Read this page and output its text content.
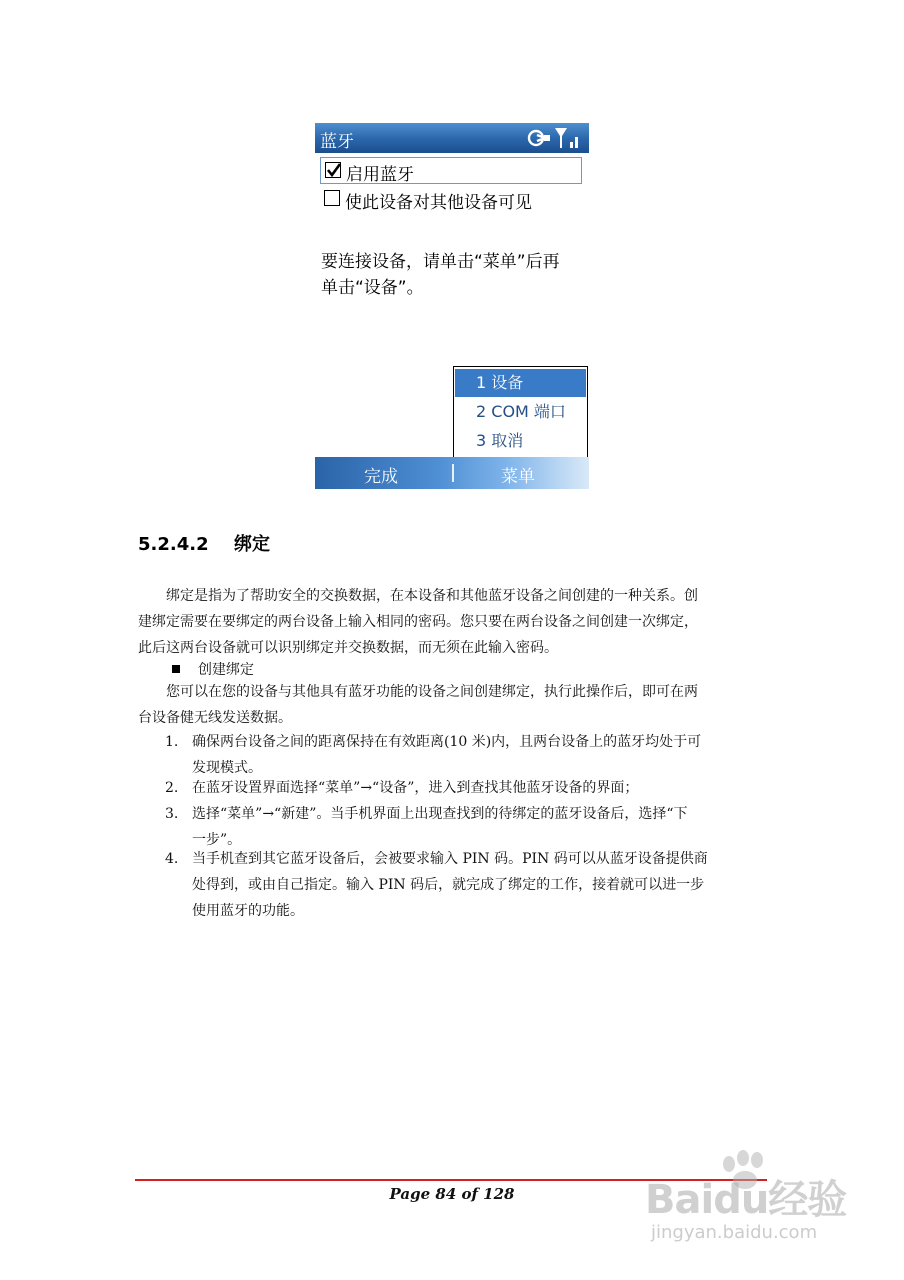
蓝牙
启用蓝牙
使此设备对其他设备可见
要连接设备，请单击“菜单”后再
单击“设备”。
1 设备
2 COM 端口
3 取消
完成	菜单
5.2.4.2 绑定
绑定是指为了帮助安全的交换数据，在本设备和其他蓝牙设备之间创建的一种关系。创
建绑定需要在要绑定的两台设备上输入相同的密码。您只要在两台设备之间创建一次绑定，
此后这两台设备就可以识别绑定并交换数据，而无须在此输入密码。
创建绑定
您可以在您的设备与其他具有蓝牙功能的设备之间创建绑定，执行此操作后，即可在两
台设备健无线发送数据。
1. 确保两台设备之间的距离保持在有效距离(10 米)内，且两台设备上的蓝牙均处于可
发现模式。
2. 在蓝牙设置界面选择“菜单”→“设备”，进入到查找其他蓝牙设备的界面；
3. 选择“菜单”→“新建”。当手机界面上出现查找到的待绑定的蓝牙设备后，选择“下
一步”。
4. 当手机查到其它蓝牙设备后，会被要求输入 PIN 码。PIN 码可以从蓝牙设备提供商
处得到，或由自己指定。输入 PIN 码后，就完成了绑定的工作，接着就可以进一步
使用蓝牙的功能。
Page 84 of 128	Baidu经验
jingyan.baidu.com
